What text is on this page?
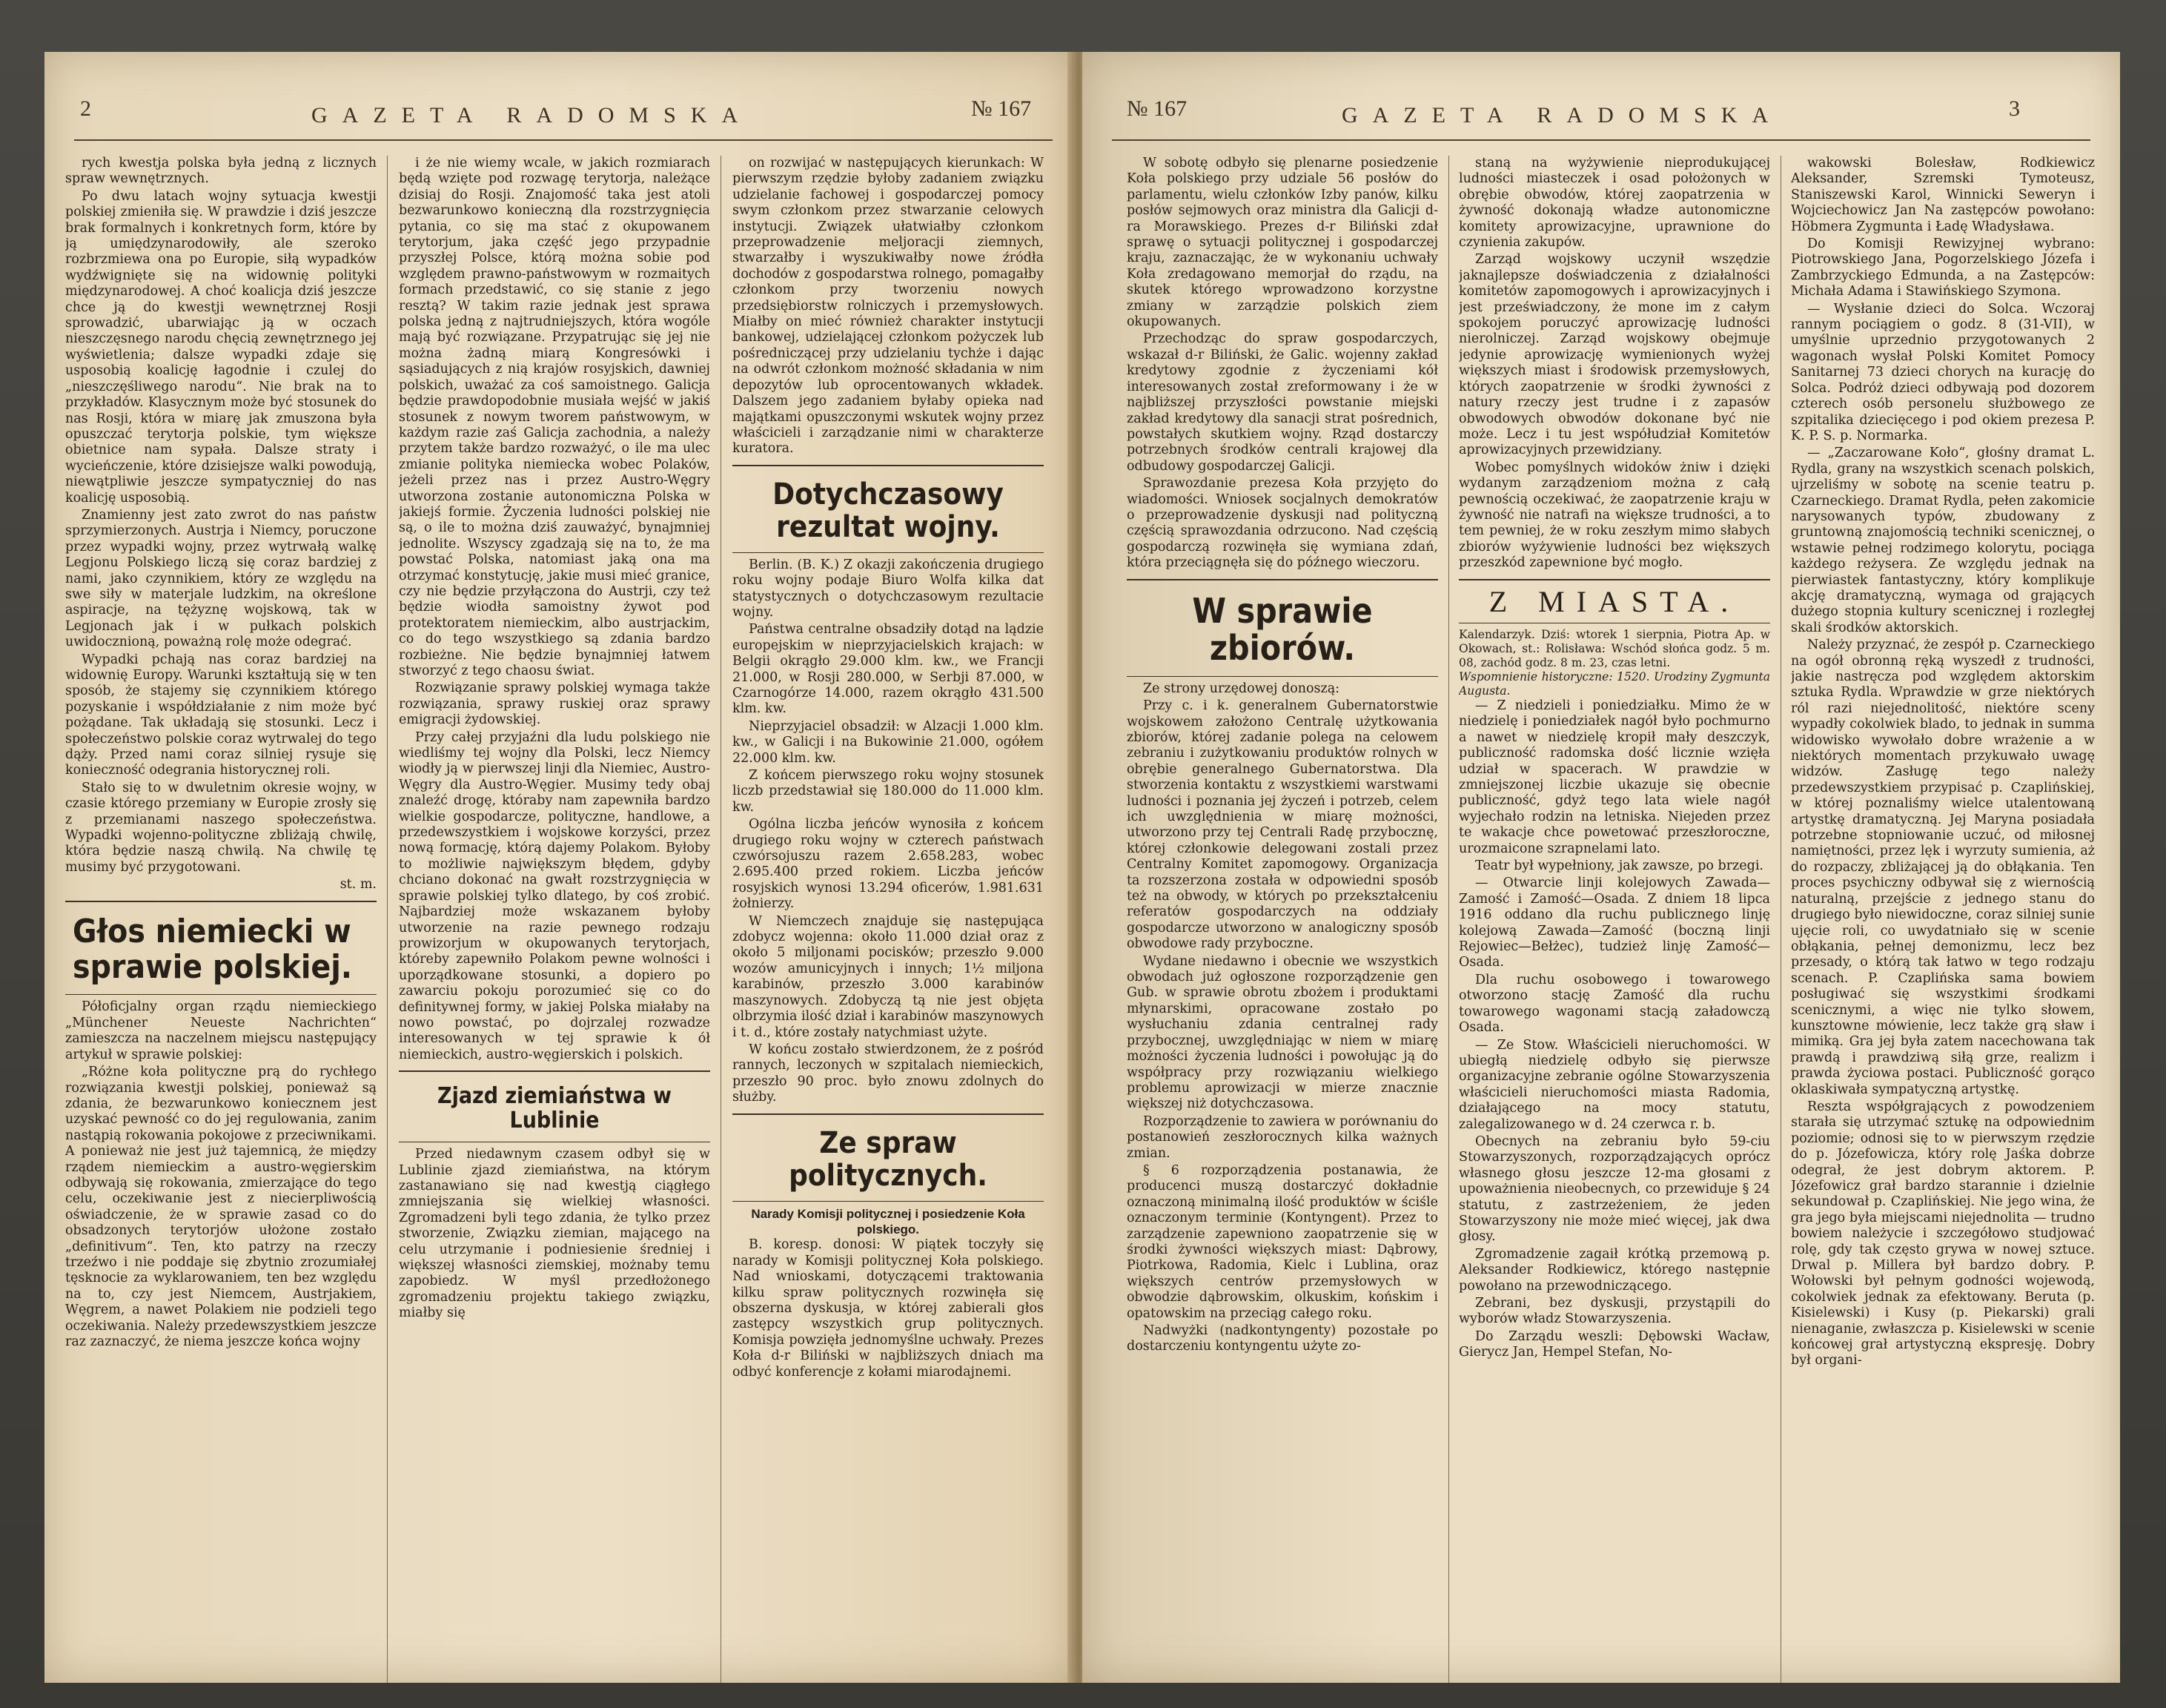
2	GAZETA RADOMSKA	№ 167

rych kwestja polska była jedną z licznych spraw wewnętrznych.

Po dwu latach wojny sytuacja kwestji polskiej zmieniła się. W prawdzie i dziś jeszcze brak formalnych i konkretnych form, które by ją umiędzynarodowiły, ale szeroko rozbrzmiewa ona po Europie, siłą wypadków wydźwignięte się na widownię polityki międzynarodowej. A choć koalicja dziś jeszcze chce ją do kwestji wewnętrznej Rosji sprowadzić, ubarwiając ją w oczach nieszczęsnego narodu chęcią zewnętrznego jej wyświetlenia; dalsze wypadki zdaje się usposobią koalicję łagodnie i czulej do „nieszczęśliwego narodu“. Nie brak na to przykładów. Klasycznym może być stosunek do nas Rosji, która w miarę jak zmuszona była opuszczać terytorja polskie, tym większe obietnice nam sypała. Dalsze straty i wycieńczenie, które dzisiejsze walki powodują, niewątpliwie jeszcze sympatyczniej do nas koalicję usposobią.

Znamienny jest zato zwrot do nas państw sprzymierzonych. Austrja i Niemcy, poruczone przez wypadki wojny, przez wytrwałą walkę Legjonu Polskiego liczą się coraz bardziej z nami, jako czynnikiem, który ze względu na swe siły w materjale ludzkim, na określone aspiracje, na tężyznę wojskową, tak w Legjonach jak i w pułkach polskich uwidocznioną, poważną rolę może odegrać.

Wypadki pchają nas coraz bardziej na widownię Europy. Warunki kształtują się w ten sposób, że stajemy się czynnikiem którego pozyskanie i współdziałanie z nim może być pożądane. Tak układają się stosunki. Lecz i społeczeństwo polskie coraz wytrwalej do tego dąży. Przed nami coraz silniej rysuje się konieczność odegrania historycznej roli.

Stało się to w dwuletnim okresie wojny, w czasie którego przemiany w Europie zrosły się z przemianami naszego społeczeństwa. Wypadki wojenno-polityczne zbliżają chwilę, która będzie naszą chwilą. Na chwilę tę musimy być przygotowani.

st. m.
Głos niemiecki w sprawie polskiej.

Półoficjalny organ rządu niemieckiego „Münchener Neueste Nachrichten“ zamieszcza na naczelnem miejscu następujący artykuł w sprawie polskiej:

„Różne koła polityczne prą do rychłego rozwiązania kwestji polskiej, ponieważ są zdania, że bezwarunkowo koniecznem jest uzyskać pewność co do jej regulowania, zanim nastąpią rokowania pokojowe z przeciwnikami. A ponieważ nie jest już tajemnicą, że między rządem niemieckim a austro-węgierskim odbywają się rokowania, zmierzające do tego celu, oczekiwanie jest z niecierpliwością oświadczenie, że w sprawie zasad co do obsadzonych terytorjów ułożone zostało „definitivum“. Ten, kto patrzy na rzeczy trzeźwo i nie poddaje się zbytnio zrozumiałej tęsknocie za wyklarowaniem, ten bez względu na to, czy jest Niemcem, Austrjakiem, Węgrem, a nawet Polakiem nie podzieli tego oczekiwania. Należy przedewszystkiem jeszcze raz zaznaczyć, że niema jeszcze końca wojny

i że nie wiemy wcale, w jakich rozmiarach będą wzięte pod rozwagę terytorja, należące dzisiaj do Rosji. Znajomość taka jest atoli bezwarunkowo konieczną dla rozstrzygnięcia pytania, co się ma stać z okupowanem terytorjum, jaka część jego przypadnie przyszłej Polsce, którą można sobie pod względem prawno-państwowym w rozmaitych formach przedstawić, co się stanie z jego resztą? W takim razie jednak jest sprawa polska jedną z najtrudniejszych, która wogóle mają być rozwiązane. Przypatrując się jej nie można żadną miarą Kongresówki i sąsiadujących z nią krajów rosyjskich, dawniej polskich, uważać za coś samoistnego. Galicja będzie prawdopodobnie musiała wejść w jakiś stosunek z nowym tworem państwowym, w każdym razie zaś Galicja zachodnia, a należy przytem także bardzo rozważyć, o ile ma ulec zmianie polityka niemiecka wobec Polaków, jeżeli przez nas i przez Austro-Węgry utworzona zostanie autonomiczna Polska w jakiejś formie. Życzenia ludności polskiej nie są, o ile to można dziś zauważyć, bynajmniej jednolite. Wszyscy zgadzają się na to, że ma powstać Polska, natomiast jaką ona ma otrzymać konstytucję, jakie musi mieć granice, czy nie będzie przyłączona do Austrji, czy też będzie wiodła samoistny żywot pod protektoratem niemieckim, albo austrjackim, co do tego wszystkiego są zdania bardzo rozbieżne. Nie będzie bynajmniej łatwem stworzyć z tego chaosu świat.

Rozwiązanie sprawy polskiej wymaga także rozwiązania, sprawy ruskiej oraz sprawy emigracji żydowskiej.

Przy całej przyjaźni dla ludu polskiego nie wiedliśmy tej wojny dla Polski, lecz Niemcy wiodły ją w pierwszej linji dla Niemiec, Austro-Węgry dla Austro-Węgier. Musimy tedy obaj znaleźć drogę, któraby nam zapewniła bardzo wielkie gospodarcze, polityczne, handlowe, a przedewszystkiem i wojskowe korzyści, przez nową formację, którą dajemy Polakom. Byłoby to możliwie największym błędem, gdyby chciano dokonać na gwałt rozstrzygnięcia w sprawie polskiej tylko dlatego, by coś zrobić. Najbardziej może wskazanem byłoby utworzenie na razie pewnego rodzaju prowizorjum w okupowanych terytorjach, któreby zapewniło Polakom pewne wolności i uporządkowane stosunki, a dopiero po zawarciu pokoju porozumieć się co do definitywnej formy, w jakiej Polska miałaby na nowo powstać, po dojrzalej rozwadze interesowanych w tej sprawie k ół niemieckich, austro-węgierskich i polskich.

Zjazd ziemiaństwa w Lublinie

Przed niedawnym czasem odbył się w Lublinie zjazd ziemiaństwa, na którym zastanawiano się nad kwestją ciągłego zmniejszania się wielkiej własności. Zgromadzeni byli tego zdania, że tylko przez stworzenie, Związku ziemian, mającego na celu utrzymanie i podniesienie średniej i większej własności ziemskiej, możnaby temu zapobiedz. W myśl przedłożonego zgromadzeniu projektu takiego związku, miałby się

on rozwijać w następujących kierunkach: W pierwszym rzędzie byłoby zadaniem związku udzielanie fachowej i gospodarczej pomocy swym członkom przez stwarzanie celowych instytucji. Związek ułatwiałby członkom przeprowadzenie meljoracji ziemnych, stwarzałby i wyszukiwałby nowe źródła dochodów z gospodarstwa rolnego, pomagałby członkom przy tworzeniu nowych przedsiębiorstw rolniczych i przemysłowych. Miałby on mieć również charakter instytucji bankowej, udzielającej członkom pożyczek lub pośredniczącej przy udzielaniu tychże i dając na odwrót członkom możność składania w nim depozytów lub oprocentowanych wkładek. Dalszem jego zadaniem byłaby opieka nad majątkami opuszczonymi wskutek wojny przez właścicieli i zarządzanie nimi w charakterze kuratora.

Dotychczasowy rezultat wojny.

Berlin. (B. K.) Z okazji zakończenia drugiego roku wojny podaje Biuro Wolfa kilka dat statystycznych o dotychczasowym rezultacie wojny.

Państwa centralne obsadziły dotąd na lądzie europejskim w nieprzyjacielskich krajach: w Belgii okrągło 29.000 klm. kw., we Francji 21.000, w Rosji 280.000, w Serbji 87.000, w Czarnogórze 14.000, razem okrągło 431.500 klm. kw.

Nieprzyjaciel obsadził: w Alzacji 1.000 klm. kw., w Galicji i na Bukowinie 21.000, ogółem 22.000 klm. kw.

Z końcem pierwszego roku wojny stosunek liczb przedstawiał się 180.000 do 11.000 klm. kw.

Ogólna liczba jeńców wynosiła z końcem drugiego roku wojny w czterech państwach czwórsojuszu razem 2.658.283, wobec 2.695.400 przed rokiem. Liczba jeńców rosyjskich wynosi 13.294 oficerów, 1.981.631 żołnierzy.

W Niemczech znajduje się następująca zdobycz wojenna: około 11.000 dział oraz z około 5 miljonami pocisków; przeszło 9.000 wozów amunicyjnych i innych; 1½ miljona karabinów, przeszło 3.000 karabinów maszynowych. Zdobyczą tą nie jest objęta olbrzymia ilość dział i karabinów maszynowych i t. d., które zostały natychmiast użyte.

W końcu zostało stwierdzonem, że z pośród rannych, leczonych w szpitalach niemieckich, przeszło 90 proc. było znowu zdolnych do służby.

Ze spraw politycznych.
Narady Komisji politycznej i posiedzenie Koła polskiego.

B. koresp. donosi: W piątek toczyły się narady w Komisji politycznej Koła polskiego. Nad wnioskami, dotyczącemi traktowania kilku spraw politycznych rozwinęła się obszerna dyskusja, w której zabierali głos zastępcy wszystkich grup politycznych. Komisja powzięła jednomyślne uchwały. Prezes Koła d-r Biliński w najbliższych dniach ma odbyć konferencje z kołami miarodajnemi.

№ 167	GAZETA RADOMSKA	3

W sobotę odbyło się plenarne posiedzenie Koła polskiego przy udziale 56 posłów do parlamentu, wielu członków Izby panów, kilku posłów sejmowych oraz ministra dla Galicji d-ra Morawskiego. Prezes d-r Biliński zdał sprawę o sytuacji politycznej i gospodarczej kraju, zaznaczając, że w wykonaniu uchwały Koła zredagowano memorjał do rządu, na skutek którego wprowadzono korzystne zmiany w zarządzie polskich ziem okupowanych.

Przechodząc do spraw gospodarczych, wskazał d-r Biliński, że Galic. wojenny zakład kredytowy zgodnie z życzeniami kół interesowanych został zreformowany i że w najbliższej przyszłości powstanie miejski zakład kredytowy dla sanacji strat pośrednich, powstałych skutkiem wojny. Rząd dostarczy potrzebnych środków centrali krajowej dla odbudowy gospodarczej Galicji.

Sprawozdanie prezesa Koła przyjęto do wiadomości. Wniosek socjalnych demokratów o przeprowadzenie dyskusji nad polityczną częścią sprawozdania odrzucono. Nad częścią gospodarczą rozwinęła się wymiana zdań, która przeciągnęła się do późnego wieczoru.

W sprawie zbiorów.

Ze strony urzędowej donoszą:

Przy c. i k. generalnem Gubernatorstwie wojskowem założono Centralę użytkowania zbiorów, której zadanie polega na celowem zebraniu i zużytkowaniu produktów rolnych w obrębie generalnego Gubernatorstwa. Dla stworzenia kontaktu z wszystkiemi warstwami ludności i poznania jej życzeń i potrzeb, celem ich uwzględnienia w miarę możności, utworzono przy tej Centrali Radę przybocznę, której członkowie delegowani zostali przez Centralny Komitet zapomogowy. Organizacja ta rozszerzona została w odpowiedni sposób też na obwody, w których po przekształceniu referatów gospodarczych na oddziały gospodarcze utworzono w analogiczny sposób obwodowe rady przyboczne.

Wydane niedawno i obecnie we wszystkich obwodach już ogłoszone rozporządzenie gen Gub. w sprawie obrotu zbożem i produktami młynarskimi, opracowane zostało po wysłuchaniu zdania centralnej rady przybocznej, uwzględniając w niem w miarę możności życzenia ludności i powołując ją do współpracy przy rozwiązaniu wielkiego problemu aprowizacji w mierze znacznie większej niż dotychczasowa.

Rozporządzenie to zawiera w porównaniu do postanowień zeszłorocznych kilka ważnych zmian.

§ 6 rozporządzenia postanawia, że producenci muszą dostarczyć dokładnie oznaczoną minimalną ilość produktów w ściśle oznaczonym terminie (Kontyngent). Przez to zarządzenie zapewniono zaopatrzenie się w środki żywności większych miast: Dąbrowy, Piotrkowa, Radomia, Kielc i Lublina, oraz większych centrów przemysłowych w obwodzie dąbrowskim, olkuskim, końskim i opatowskim na przeciąg całego roku.

Nadwyżki (nadkontyngenty) pozostałe po dostarczeniu kontyngentu użyte zo-

staną na wyżywienie nieprodukującej ludności miasteczek i osad położonych w obrębie obwodów, której zaopatrzenia w żywność dokonają władze autonomiczne komitety aprowizacyjne, uprawnione do czynienia zakupów.

Zarząd wojskowy uczynił wszędzie jaknajlepsze doświadczenia z działalności komitetów zapomogowych i aprowizacyjnych i jest przeświadczony, że mone im z całym spokojem poruczyć aprowizację ludności nierolniczej. Zarząd wojskowy obejmuje jedynie aprowizację wymienionych wyżej większych miast i środowisk przemysłowych, których zaopatrzenie w środki żywności z natury rzeczy jest trudne i z zapasów obwodowych obwodów dokonane być nie może. Lecz i tu jest współudział Komitetów aprowizacyjnych przewidziany.

Wobec pomyślnych widoków żniw i dzięki wydanym zarządzeniom można z całą pewnością oczekiwać, że zaopatrzenie kraju w żywność nie natrafi na większe trudności, a to tem pewniej, że w roku zeszłym mimo słabych zbiorów wyżywienie ludności bez większych przeszkód zapewnione być mogło.

Z MIASTA.
Kalendarzyk. Dziś: wtorek 1 sierpnia, Piotra Ap. w Okowach, st.: Rolisława: Wschód słońca godz. 5 m. 08, zachód godz. 8 m. 23, czas letni.
Wspomnienie historyczne: 1520. Urodziny Zygmunta Augusta.

— Z niedzieli i poniedziałku. Mimo że w niedzielę i poniedziałek nagół było pochmurno a nawet w niedzielę kropił mały deszczyk, publiczność radomska dość licznie wzięła udział w spacerach. W prawdzie w zmniejszonej liczbie ukazuje się obecnie publiczność, gdyż tego lata wiele nagół wyjechało rodzin na letniska. Niejeden przez te wakacje chce powetować przeszłoroczne, urozmaicone szrapnelami lato.

Teatr był wypełniony, jak zawsze, po brzegi.

— Otwarcie linji kolejowych Zawada—Zamość i Zamość—Osada. Z dniem 18 lipca 1916 oddano dla ruchu publicznego linję kolejową Zawada—Zamość (boczną linji Rejowiec—Bełżec), tudzież linję Zamość—Osada.

Dla ruchu osobowego i towarowego otworzono stację Zamość dla ruchu towarowego wagonami stacją załadowczą Osada.

— Ze Stow. Właścicieli nieruchomości. W ubiegłą niedzielę odbyło się pierwsze organizacyjne zebranie ogólne Stowarzyszenia właścicieli nieruchomości miasta Radomia, działającego na mocy statutu, zalegalizowanego w d. 24 czerwca r. b.

Obecnych na zebraniu było 59-ciu Stowarzyszonych, rozporządzających oprócz własnego głosu jeszcze 12-ma głosami z upoważnienia nieobecnych, co przewiduje § 24 statutu, z zastrzeżeniem, że jeden Stowarzyszony nie może mieć więcej, jak dwa głosy.

Zgromadzenie zagaił krótką przemową p. Aleksander Rodkiewicz, którego następnie powołano na przewodniczącego.

Zebrani, bez dyskusji, przystąpili do wyborów władz Stowarzyszenia.

Do Zarządu weszli: Dębowski Wacław, Gierycz Jan, Hempel Stefan, No-

wakowski Bolesław, Rodkiewicz Aleksander, Szremski Tymoteusz, Staniszewski Karol, Winnicki Seweryn i Wojciechowicz Jan Na zastępców powołano: Höbmera Zygmunta i Ładę Władysława.

Do Komisji Rewizyjnej wybrano: Piotrowskiego Jana, Pogorzelskiego Józefa i Zambrzyckiego Edmunda, a na Zastępców: Michała Adama i Stawińskiego Szymona.

— Wysłanie dzieci do Solca. Wczoraj rannym pociągiem o godz. 8 (31-VII), w umyślnie uprzednio przygotowanych 2 wagonach wysłał Polski Komitet Pomocy Sanitarnej 73 dzieci chorych na kurację do Solca. Podróż dzieci odbywają pod dozorem czterech osób personelu służbowego ze szpitalika dziecięcego i pod okiem prezesa P. K. P. S. p. Normarka.

— „Zaczarowane Koło“, głośny dramat L. Rydla, grany na wszystkich scenach polskich, ujrzeliśmy w sobotę na scenie teatru p. Czarneckiego. Dramat Rydla, pełen zakomicie narysowanych typów, zbudowany z gruntowną znajomością techniki scenicznej, o wstawie pełnej rodzimego kolorytu, pociąga każdego reżysera. Ze względu jednak na pierwiastek fantastyczny, który komplikuje akcję dramatyczną, wymaga od grających dużego stopnia kultury scenicznej i rozległej skali środków aktorskich.

Należy przyznać, że zespół p. Czarneckiego na ogół obronną ręką wyszedł z trudności, jakie nastręcza pod względem aktorskim sztuka Rydla. Wprawdzie w grze niektórych ról razi niejednolitość, niektóre sceny wypadły cokolwiek blado, to jednak in summa widowisko wywołało dobre wrażenie a w niektórych momentach przykuwało uwagę widzów. Zasługę tego należy przedewszystkiem przypisać p. Czaplińskiej, w której poznaliśmy wielce utalentowaną artystkę dramatyczną. Jej Maryna posiadała potrzebne stopniowanie uczuć, od miłosnej namiętności, przez lęk i wyrzuty sumienia, aż do rozpaczy, zbliżającej ją do obłąkania. Ten proces psychiczny odbywał się z wiernością naturalną, przejście z jednego stanu do drugiego było niewidoczne, coraz silniej sunie ujęcie roli, co uwydatniało się w scenie obłąkania, pełnej demonizmu, lecz bez przesady, o którą tak łatwo w tego rodzaju scenach. P. Czaplińska sama bowiem posługiwać się wszystkimi środkami scenicznymi, a więc nie tylko słowem, kunsztowne mówienie, lecz także grą sław i mimiką. Gra jej była zatem nacechowana tak prawdą i prawdziwą siłą grze, realizm i prawda życiowa postaci. Publiczność gorąco oklaskiwała sympatyczną artystkę.

Reszta współgrających z powodzeniem starała się utrzymać sztukę na odpowiednim poziomie; odnosi się to w pierwszym rzędzie do p. Józefowicza, który rolę Jaśka dobrze odegrał, że jest dobrym aktorem. P. Józefowicz grał bardzo starannie i dzielnie sekundował p. Czaplińskiej. Nie jego wina, że gra jego była miejscami niejednolita — trudno bowiem należycie i szczegółowo studjować rolę, gdy tak często grywa w nowej sztuce. Drwal p. Millera był bardzo dobry. P. Wołowski był pełnym godności wojewodą, cokolwiek jednak za efektowany. Beruta (p. Kisielewski) i Kusy (p. Piekarski) grali nienaganie, zwłaszcza p. Kisielewski w scenie końcowej grał artystyczną ekspresję. Dobry był organi-
